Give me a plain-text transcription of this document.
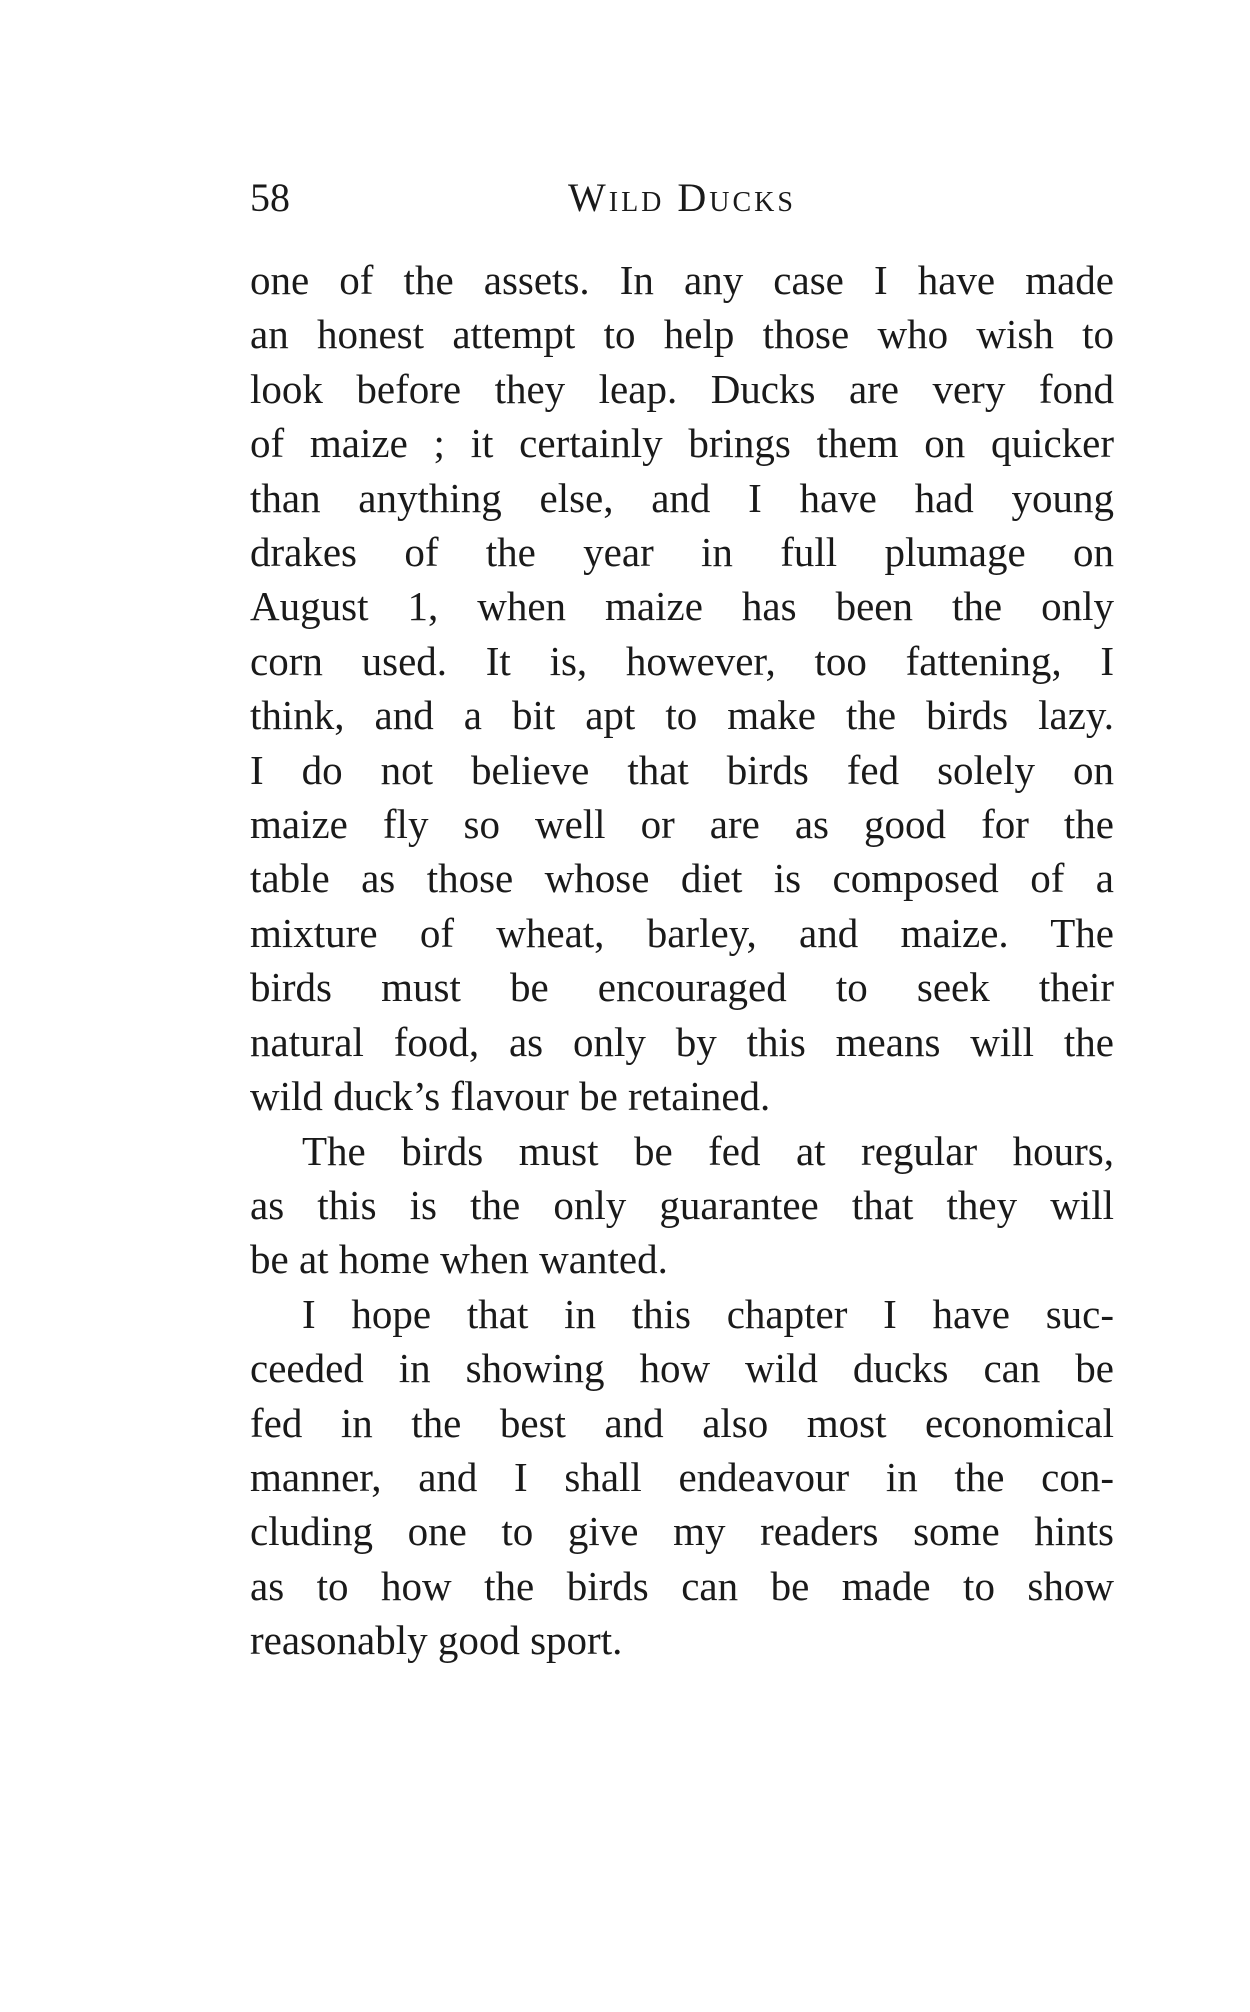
58	Wild Ducks
one of the assets. In any case I have made
an honest attempt to help those who wish to
look before they leap. Ducks are very fond
of maize ; it certainly brings them on quicker
than anything else, and I have had young
drakes of the year in full plumage on
August 1, when maize has been the only
corn used. It is, however, too fattening, I
think, and a bit apt to make the birds lazy.
I do not believe that birds fed solely on
maize fly so well or are as good for the
table as those whose diet is composed of a
mixture of wheat, barley, and maize. The
birds must be encouraged to seek their
natural food, as only by this means will the
wild duck’s flavour be retained.
The birds must be fed at regular hours,
as this is the only guarantee that they will
be at home when wanted.
I hope that in this chapter I have suc-
ceeded in showing how wild ducks can be
fed in the best and also most economical
manner, and I shall endeavour in the con-
cluding one to give my readers some hints
as to how the birds can be made to show
reasonably good sport.
